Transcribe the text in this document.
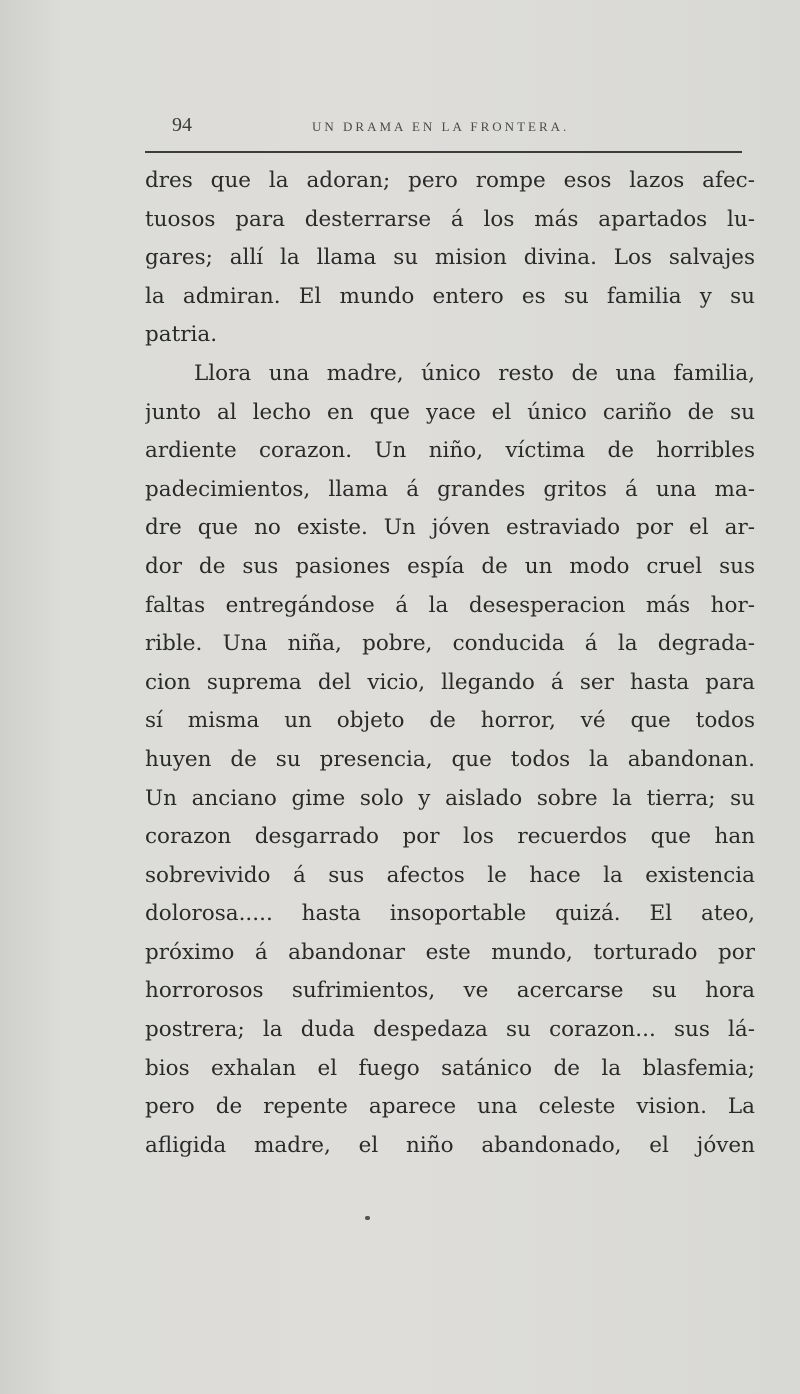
94	UN DRAMA EN LA FRONTERA.
dres que la adoran; pero rompe esos lazos afec-
tuosos para desterrarse á los más apartados lu-
gares; allí la llama su mision divina. Los salvajes
la admiran. El mundo entero es su familia y su
patria.
Llora una madre, único resto de una familia,
junto al lecho en que yace el único cariño de su
ardiente corazon. Un niño, víctima de horribles
padecimientos, llama á grandes gritos á una ma-
dre que no existe. Un jóven estraviado por el ar-
dor de sus pasiones espía de un modo cruel sus
faltas entregándose á la desesperacion más hor-
rible. Una niña, pobre, conducida á la degrada-
cion suprema del vicio, llegando á ser hasta para
sí misma un objeto de horror, vé que todos
huyen de su presencia, que todos la abandonan.
Un anciano gime solo y aislado sobre la tierra; su
corazon desgarrado por los recuerdos que han
sobrevivido á sus afectos le hace la existencia
dolorosa..... hasta insoportable quizá. El ateo,
próximo á abandonar este mundo, torturado por
horrorosos sufrimientos, ve acercarse su hora
postrera; la duda despedaza su corazon... sus lá-
bios exhalan el fuego satánico de la blasfemia;
pero de repente aparece una celeste vision. La
afligida madre, el niño abandonado, el jóven
